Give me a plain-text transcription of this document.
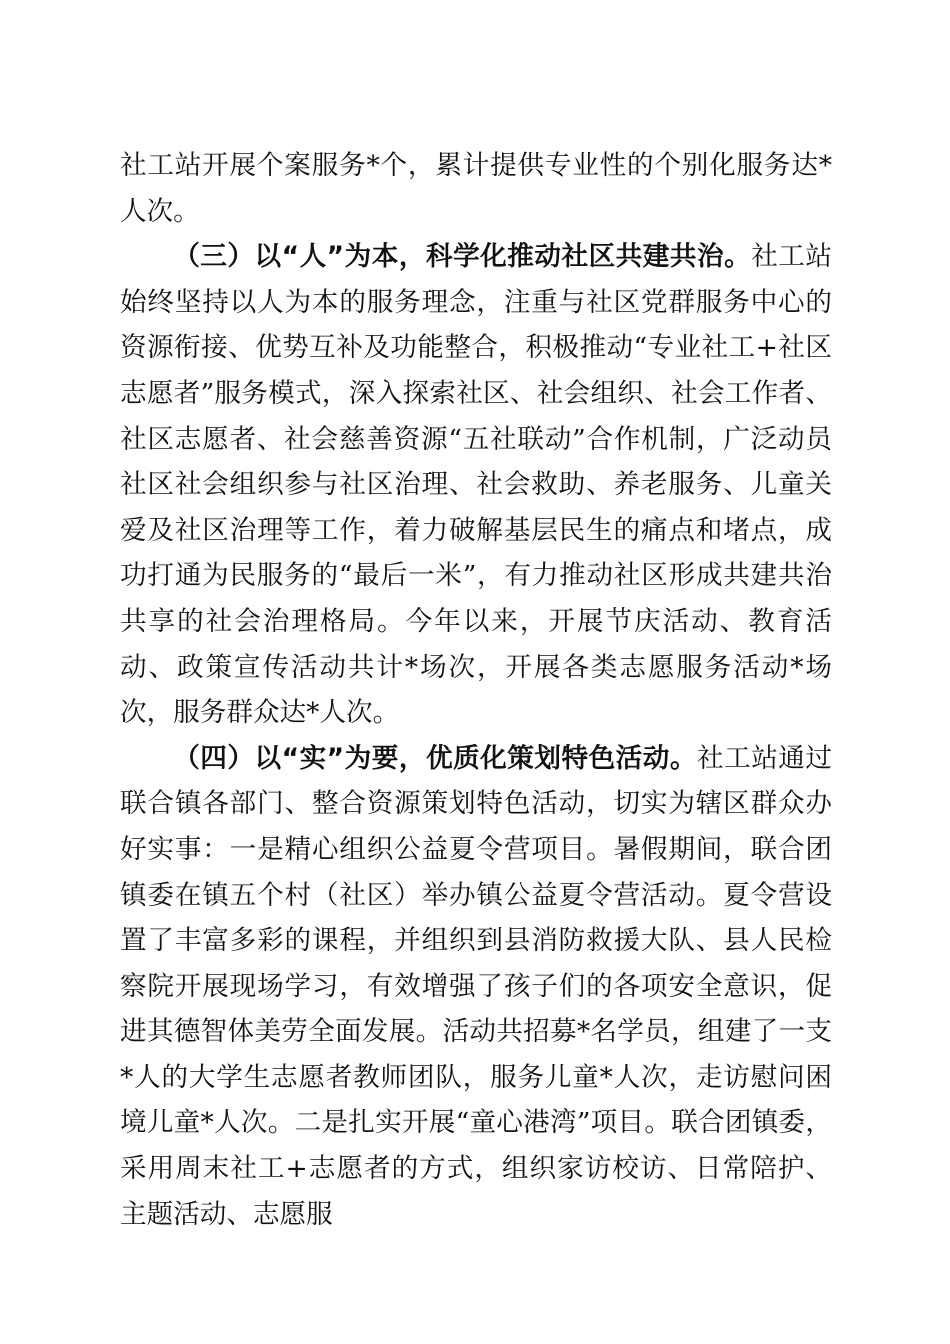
社工站开展个案服务*个，累计提供专业性的个别化服务达*人次。

（三）以“人”为本，科学化推动社区共建共治。社工站始终坚持以人为本的服务理念，注重与社区党群服务中心的资源衔接、优势互补及功能整合，积极推动“专业社工+社区志愿者”服务模式，深入探索社区、社会组织、社会工作者、社区志愿者、社会慈善资源“五社联动”合作机制，广泛动员社区社会组织参与社区治理、社会救助、养老服务、儿童关爱及社区治理等工作，着力破解基层民生的痛点和堵点，成功打通为民服务的“最后一米”，有力推动社区形成共建共治共享的社会治理格局。今年以来，开展节庆活动、教育活动、政策宣传活动共计*场次，开展各类志愿服务活动*场次，服务群众达*人次。

（四）以“实”为要，优质化策划特色活动。社工站通过联合镇各部门、整合资源策划特色活动，切实为辖区群众办好实事：一是精心组织公益夏令营项目。暑假期间，联合团镇委在镇五个村（社区）举办镇公益夏令营活动。夏令营设置了丰富多彩的课程，并组织到县消防救援大队、县人民检察院开展现场学习，有效增强了孩子们的各项安全意识，促进其德智体美劳全面发展。活动共招募*名学员，组建了一支*人的大学生志愿者教师团队，服务儿童*人次，走访慰问困境儿童*人次。二是扎实开展“童心港湾”项目。联合团镇委，采用周末社工+志愿者的方式，组织家访校访、日常陪护、主题活动、志愿服
